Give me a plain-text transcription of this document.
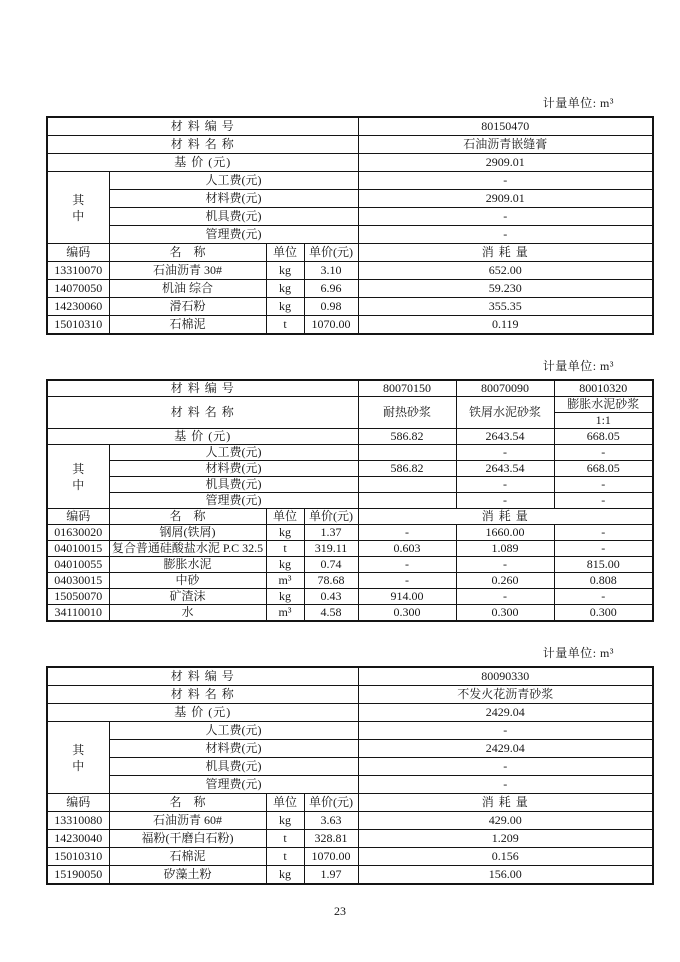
计量单位: m³
材 料 编 号				80150470
材 料 名 称				石油沥青嵌缝膏
基 价 (元)				2909.01

其
中	人工费(元)			-
	材料费(元)			2909.01
	机具费(元)			-
	管理费(元)			-
编码	名　称	单位	单价(元)	消 耗 量
13310070	石油沥青 30#	kg	3.10	652.00
14070050	机油 综合	kg	6.96	59.230
14230060	滑石粉	kg	0.98	355.35
15010310	石棉泥	t	1070.00	0.119
计量单位: m³
材 料 编 号				80070150	80070090	80010320
材 料 名 称				耐热砂浆	铁屑水泥砂浆	膨胀水泥砂浆
						1:1
基 价 (元)				586.82	2643.54	668.05

其
中	人工费(元)				-	-
	材料费(元)			586.82	2643.54	668.05
	机具费(元)				-	-
	管理费(元)				-	-
编码	名　称	单位	单价(元)	消 耗 量		
01630020	钢屑(铁屑)	kg	1.37	-	1660.00	-
04010015	复合普通硅酸盐水泥 P.C 32.5	t	319.11	0.603	1.089	-
04010055	膨胀水泥	kg	0.74	-	-	815.00
04030015	中砂	m³	78.68	-	0.260	0.808
15050070	矿渣沫	kg	0.43	914.00	-	-
34110010	水	m³	4.58	0.300	0.300	0.300
计量单位: m³
材 料 编 号				80090330
材 料 名 称				不发火花沥青砂浆
基 价 (元)				2429.04

其
中	人工费(元)			-
	材料费(元)			2429.04
	机具费(元)			-
	管理费(元)			-
编码	名　称	单位	单价(元)	消 耗 量
13310080	石油沥青 60#	kg	3.63	429.00
14230040	福粉(干磨白石粉)	t	328.81	1.209
15010310	石棉泥	t	1070.00	0.156
15190050	矽藻土粉	kg	1.97	156.00
23
